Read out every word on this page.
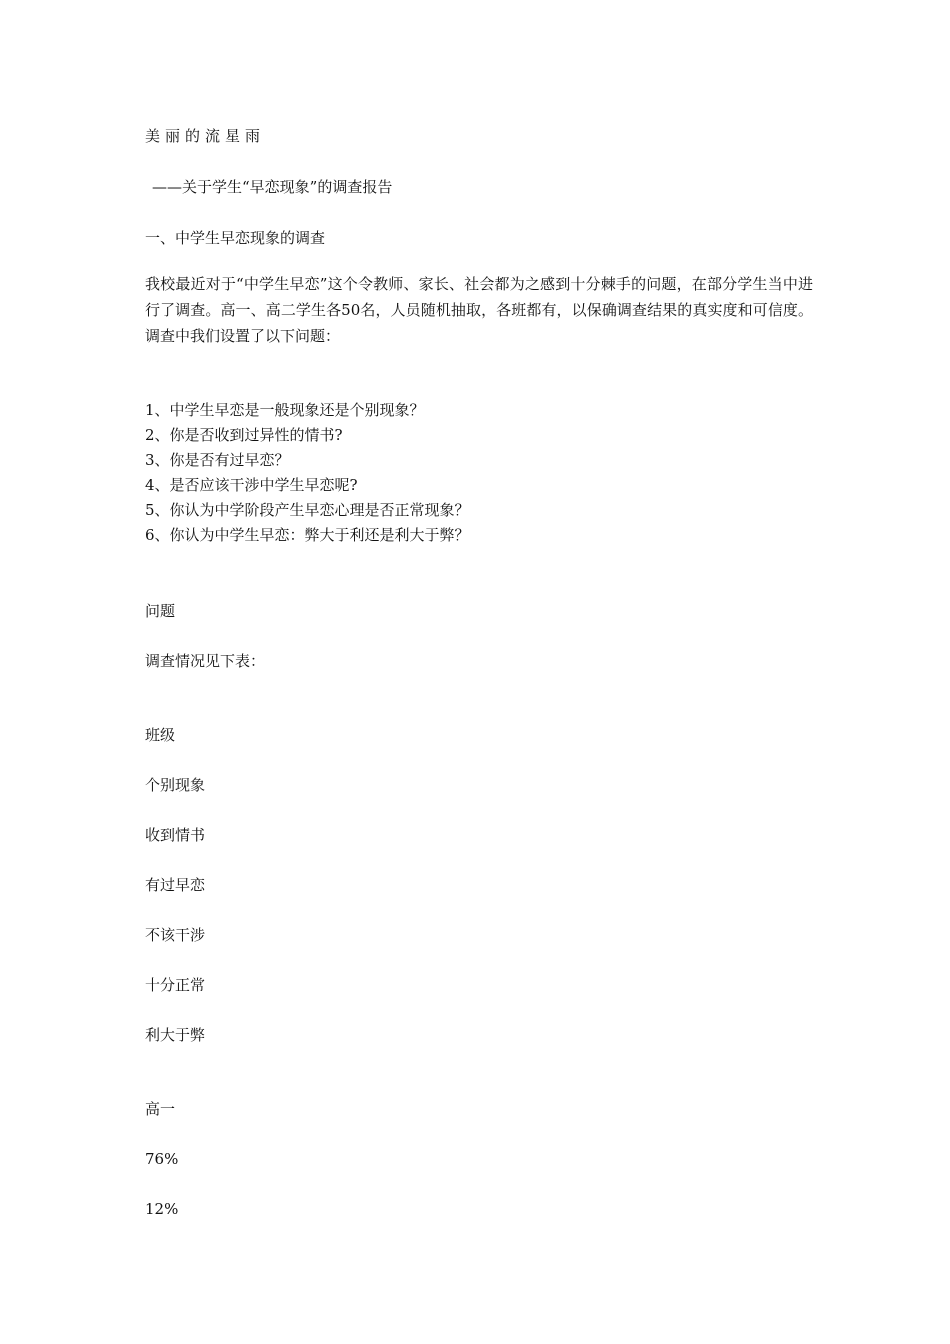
美丽的流星雨
——关于学生“早恋现象”的调查报告
一、中学生早恋现象的调查
我校最近对于“中学生早恋”这个令教师、家长、社会都为之感到十分棘手的问题，在部分学生当中进行了调查。高一、高二学生各50名，人员随机抽取，各班都有，以保确调查结果的真实度和可信度。调查中我们设置了以下问题：
1、中学生早恋是一般现象还是个别现象？
2、你是否收到过异性的情书?
3、你是否有过早恋？
4、是否应该干涉中学生早恋呢?
5、你认为中学阶段产生早恋心理是否正常现象？
6、你认为中学生早恋：弊大于利还是利大于弊？
问题
调查情况见下表：
班级
个别现象
收到情书
有过早恋
不该干涉
十分正常
利大于弊
高一
76%
12%
